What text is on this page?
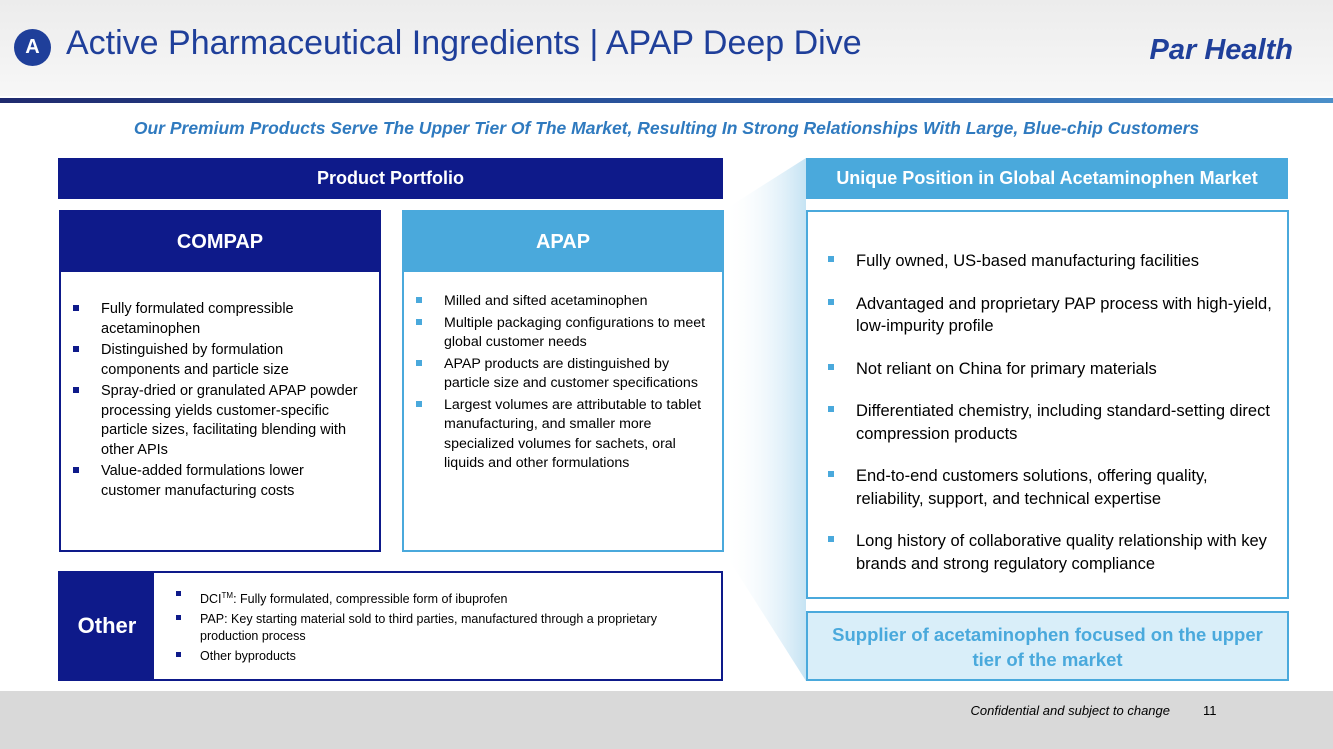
A Active Pharmaceutical Ingredients | APAP Deep Dive	Par Health
Our Premium Products Serve The Upper Tier Of The Market, Resulting In Strong Relationships With Large, Blue-chip Customers
Product Portfolio
COMPAP
Fully formulated compressible acetaminophen
Distinguished by formulation components and particle size
Spray-dried or granulated APAP powder processing yields customer-specific particle sizes, facilitating blending with other APIs
Value-added formulations lower customer manufacturing costs
APAP
Milled and sifted acetaminophen
Multiple packaging configurations to meet global customer needs
APAP products are distinguished by particle size and customer specifications
Largest volumes are attributable to tablet manufacturing, and smaller more specialized volumes for sachets, oral liquids and other formulations
Other
DCI™: Fully formulated, compressible form of ibuprofen
PAP: Key starting material sold to third parties, manufactured through a proprietary production process
Other byproducts
Unique Position in Global Acetaminophen Market
Fully owned, US-based manufacturing facilities
Advantaged and proprietary PAP process with high-yield, low-impurity profile
Not reliant on China for primary materials
Differentiated chemistry, including standard-setting direct compression products
End-to-end customers solutions, offering quality, reliability, support, and technical expertise
Long history of collaborative quality relationship with key brands and strong regulatory compliance
Supplier of acetaminophen focused on the upper tier of the market
Confidential and subject to change	11
